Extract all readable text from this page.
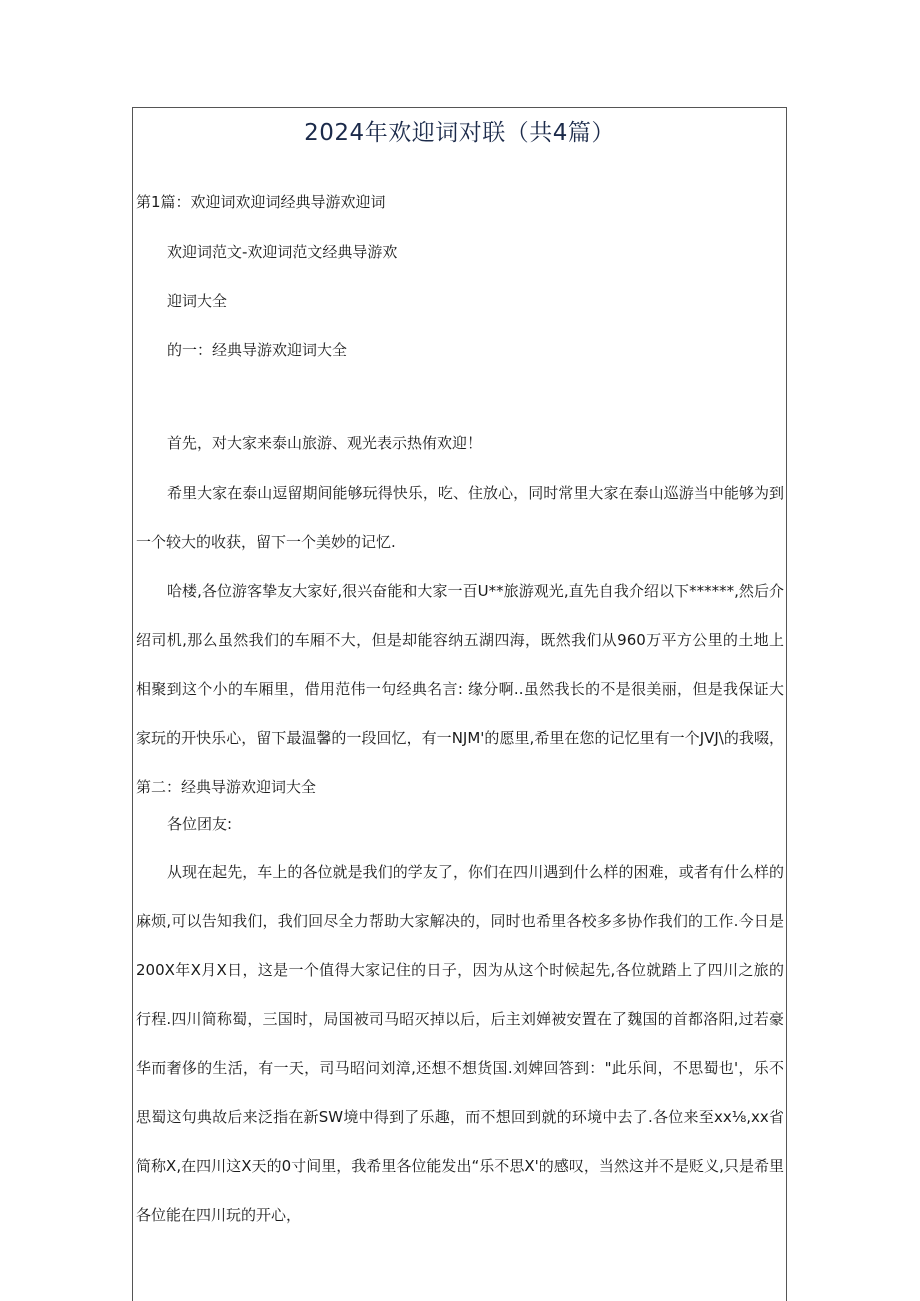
2024年欢迎词对联（共4篇）

第1篇：欢迎词欢迎词经典导游欢迎词

欢迎词范文-欢迎词范文经典导游欢

迎词大全

的一：经典导游欢迎词大全

首先，对大家来泰山旅游、观光表示热侑欢迎！

希里大家在泰山逗留期间能够玩得快乐，吃、住放心，同时常里大家在泰山巡游当中能够为到一个较大的收获，留下一个美妙的记忆.

哈楼,各位游客挚友大家好,很兴奋能和大家一百U**旅游观光,直先自我介绍以下******,然后介绍司机,那么虽然我们的车厢不大，但是却能容纳五湖四海，既然我们从960万平方公里的土地上相聚到这个小的车厢里，借用范伟一句经典名言: 缘分啊..虽然我长的不是很美丽，但是我保证大家玩的开快乐心，留下最温馨的一段回忆，有一NJM'的愿里,希里在您的记忆里有一个JVJ\的我啜，第二：经典导游欢迎词大全

各位团友:

从现在起先，车上的各位就是我们的学友了，你们在四川遇到什么样的困难，或者有什么样的麻烦,可以告知我们，我们回尽全力帮助大家解决的，同时也希里各校多多协作我们的工作.今日是200X年X月X日，这是一个值得大家记住的日子，因为从这个时候起先,各位就踏上了四川之旅的行程.四川简称蜀，三国时，局国被司马昭灭掉以后，后主刘婵被安置在了魏国的首都洛阳,过若豪华而奢侈的生活，有一天，司马昭问刘漳,还想不想货国.刘婢回答到："此乐间，不思蜀也'，乐不思蜀这句典故后来泛指在新SW境中得到了乐趣，而不想回到就的环境中去了.各位来至xx⅛,xx省简称X,在四川这X天的0寸间里，我希里各位能发出“乐不思X'的感叹，当然这并不是贬义,只是希里各位能在四川玩的开心，
